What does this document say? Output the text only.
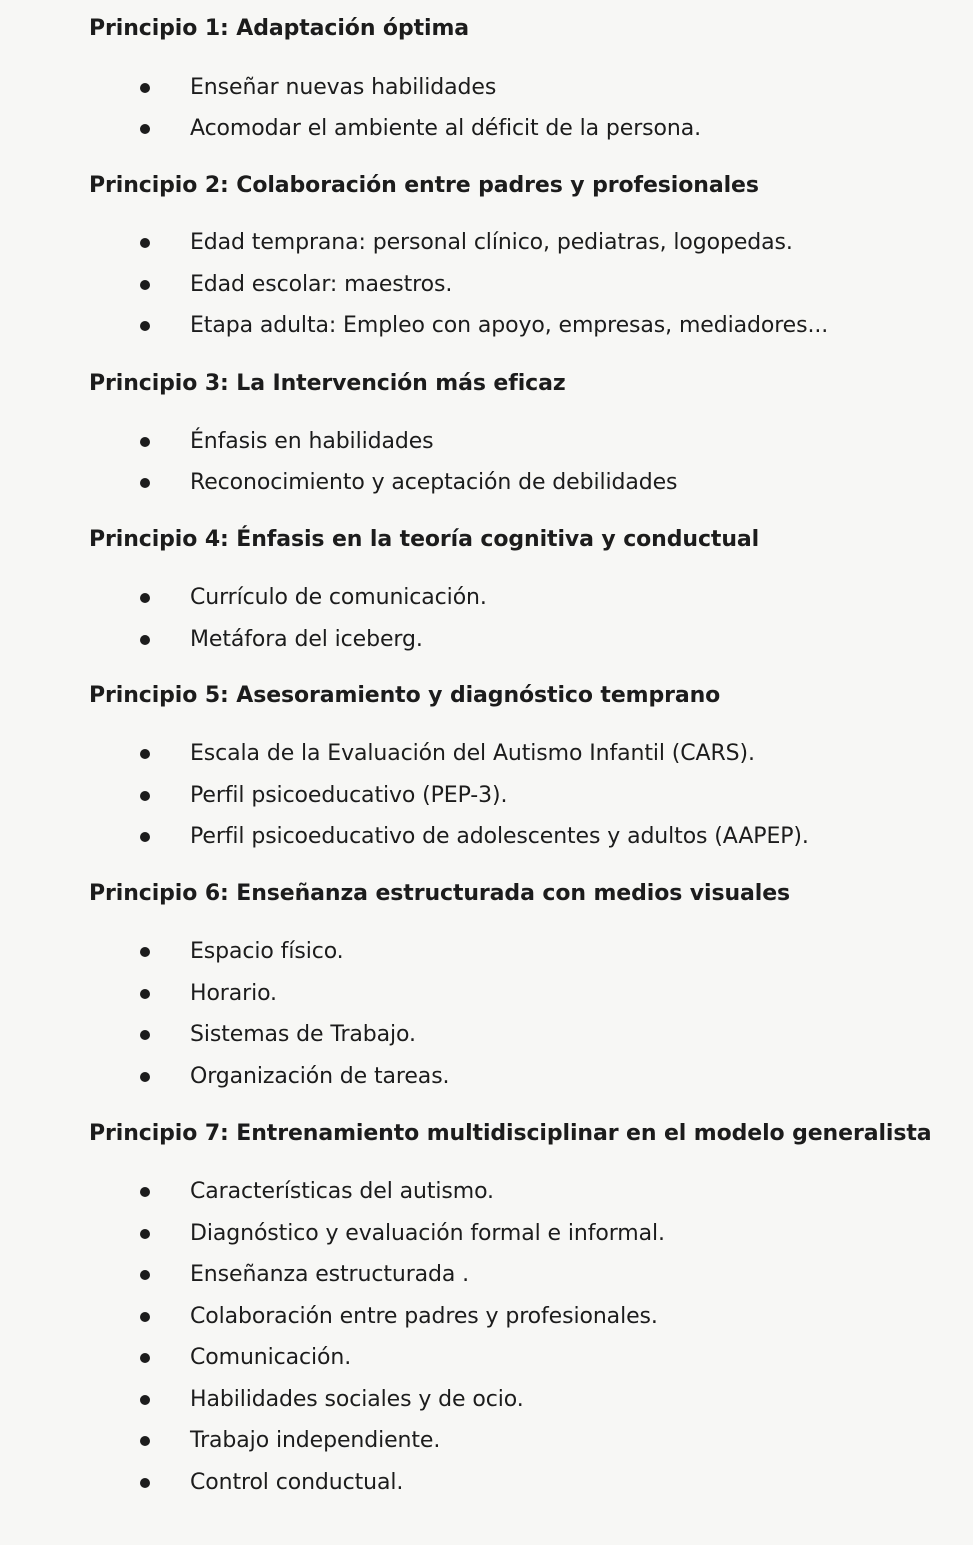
Principio 1: Adaptación óptima
Enseñar nuevas habilidades
Acomodar el ambiente al déficit de la persona.
Principio 2: Colaboración entre padres y profesionales
Edad temprana: personal clínico, pediatras, logopedas.
Edad escolar: maestros.
Etapa adulta: Empleo con apoyo, empresas, mediadores...
Principio 3: La Intervención más eficaz
Énfasis en habilidades
Reconocimiento y aceptación de debilidades
Principio 4: Énfasis en la teoría cognitiva y conductual
Currículo de comunicación.
Metáfora del iceberg.
Principio 5: Asesoramiento y diagnóstico temprano
Escala de la Evaluación del Autismo Infantil (CARS).
Perfil psicoeducativo (PEP-3).
Perfil psicoeducativo de adolescentes y adultos (AAPEP).
Principio 6: Enseñanza estructurada con medios visuales
Espacio físico.
Horario.
Sistemas de Trabajo.
Organización de tareas.
Principio 7: Entrenamiento multidisciplinar en el modelo generalista
Características del autismo.
Diagnóstico y evaluación formal e informal.
Enseñanza estructurada .
Colaboración entre padres y profesionales.
Comunicación.
Habilidades sociales y de ocio.
Trabajo independiente.
Control conductual.
